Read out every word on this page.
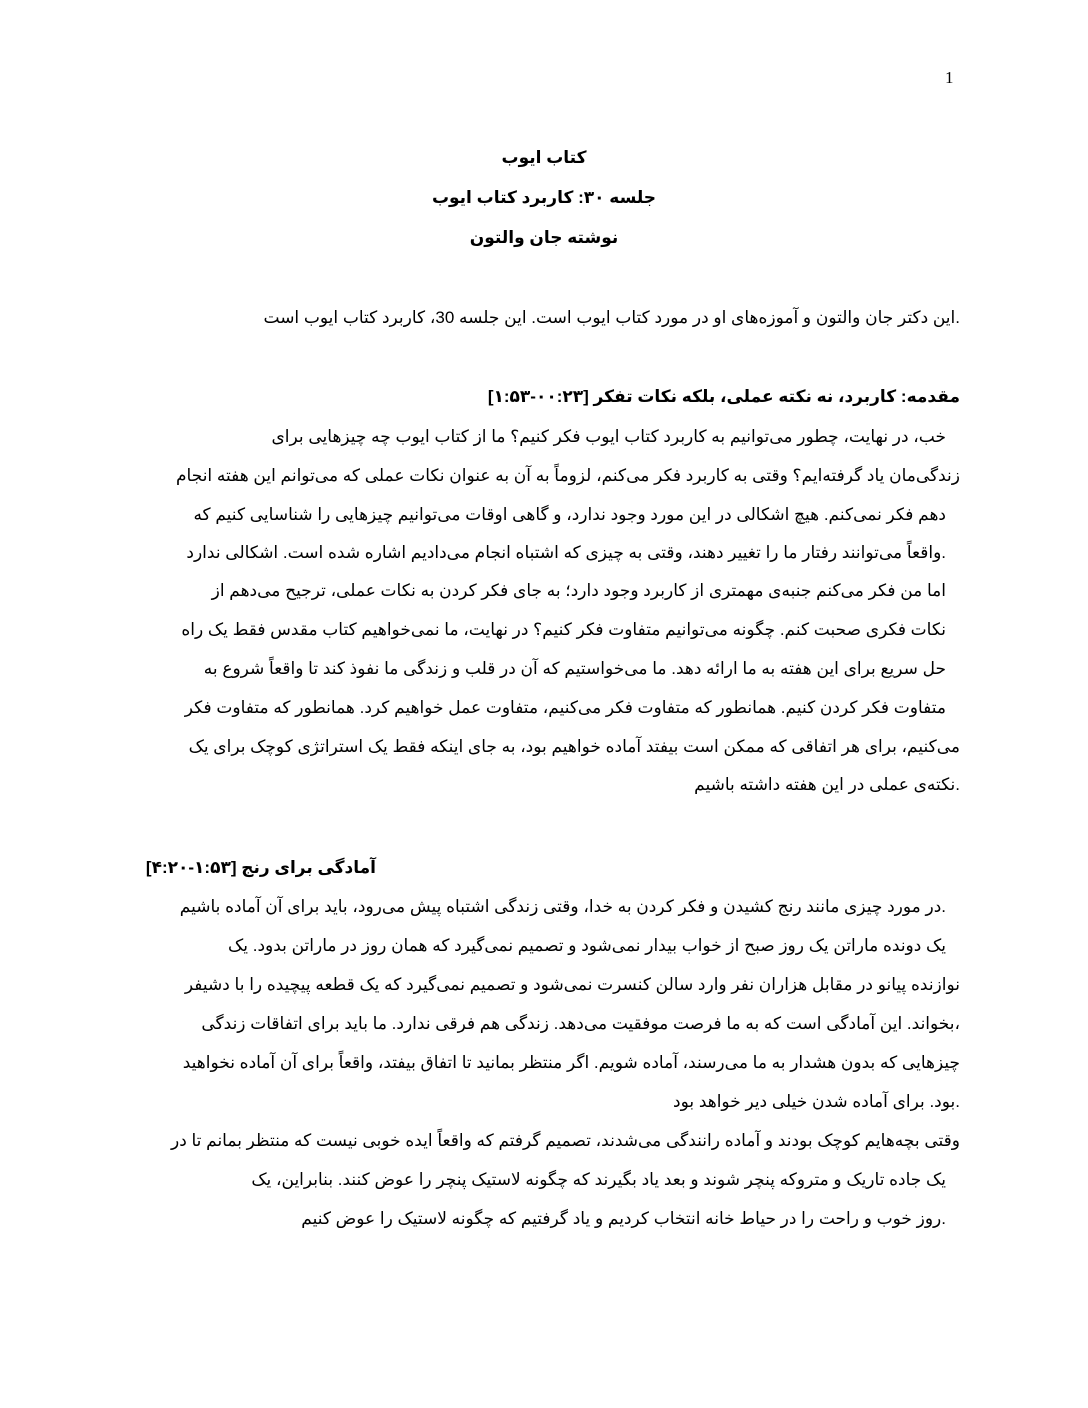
1
کتاب ایوب
جلسه ۳۰: کاربرد کتاب ایوب
نوشته جان والتون
.این دکتر جان والتون و آموزه‌های او در مورد کتاب ایوب است. این جلسه 30، کاربرد کتاب ایوب است
مقدمه: کاربرد، نه نکته عملی، بلکه نکات تفکر [۰۰:۲۳-۱:۵۳]
خب، در نهایت، چطور می‌توانیم به کاربرد کتاب ایوب فکر کنیم؟ ما از کتاب ایوب چه چیزهایی برای
زندگی‌مان یاد گرفته‌ایم؟ وقتی به کاربرد فکر می‌کنم، لزوماً به آن به عنوان نکات عملی که می‌توانم این هفته انجام
دهم فکر نمی‌کنم. هیچ اشکالی در این مورد وجود ندارد، و گاهی اوقات می‌توانیم چیزهایی را شناسایی کنیم که
.واقعاً می‌توانند رفتار ما را تغییر دهند، وقتی به چیزی که اشتباه انجام می‌دادیم اشاره شده است. اشکالی ندارد
اما من فکر می‌کنم جنبه‌ی مهمتری از کاربرد وجود دارد؛ به جای فکر کردن به نکات عملی، ترجیح می‌دهم از
نکات فکری صحبت کنم. چگونه می‌توانیم متفاوت فکر کنیم؟ در نهایت، ما نمی‌خواهیم کتاب مقدس فقط یک راه
حل سریع برای این هفته به ما ارائه دهد. ما می‌خواستیم که آن در قلب و زندگی ما نفوذ کند تا واقعاً شروع به
متفاوت فکر کردن کنیم. همانطور که متفاوت فکر می‌کنیم، متفاوت عمل خواهیم کرد. همانطور که متفاوت فکر
می‌کنیم، برای هر اتفاقی که ممکن است بیفتد آماده خواهیم بود، به جای اینکه فقط یک استراتژی کوچک برای یک
.نکته‌ی عملی در این هفته داشته باشیم
آمادگی برای رنج [۱:۵۳-۴:۲۰]
.در مورد چیزی مانند رنج کشیدن و فکر کردن به خدا، وقتی زندگی اشتباه پیش می‌رود، باید برای آن آماده باشیم
یک دونده ماراتن یک روز صبح از خواب بیدار نمی‌شود و تصمیم نمی‌گیرد که همان روز در ماراتن بدود. یک
نوازنده پیانو در مقابل هزاران نفر وارد سالن کنسرت نمی‌شود و تصمیم نمی‌گیرد که یک قطعه پیچیده را با دشیفر
،بخواند. این آمادگی است که به ما فرصت موفقیت می‌دهد. زندگی هم فرقی ندارد. ما باید برای اتفاقات زندگی
چیزهایی که بدون هشدار به ما می‌رسند، آماده شویم. اگر منتظر بمانید تا اتفاق بیفتد، واقعاً برای آن آماده نخواهید
.بود. برای آماده شدن خیلی دیر خواهد بود
وقتی بچه‌هایم کوچک بودند و آماده رانندگی می‌شدند، تصمیم گرفتم که واقعاً ایده خوبی نیست که منتظر بمانم تا در
یک جاده تاریک و متروکه پنچر شوند و بعد یاد بگیرند که چگونه لاستیک پنچر را عوض کنند. بنابراین، یک
.روز خوب و راحت را در حیاط خانه انتخاب کردیم و یاد گرفتیم که چگونه لاستیک را عوض کنیم
